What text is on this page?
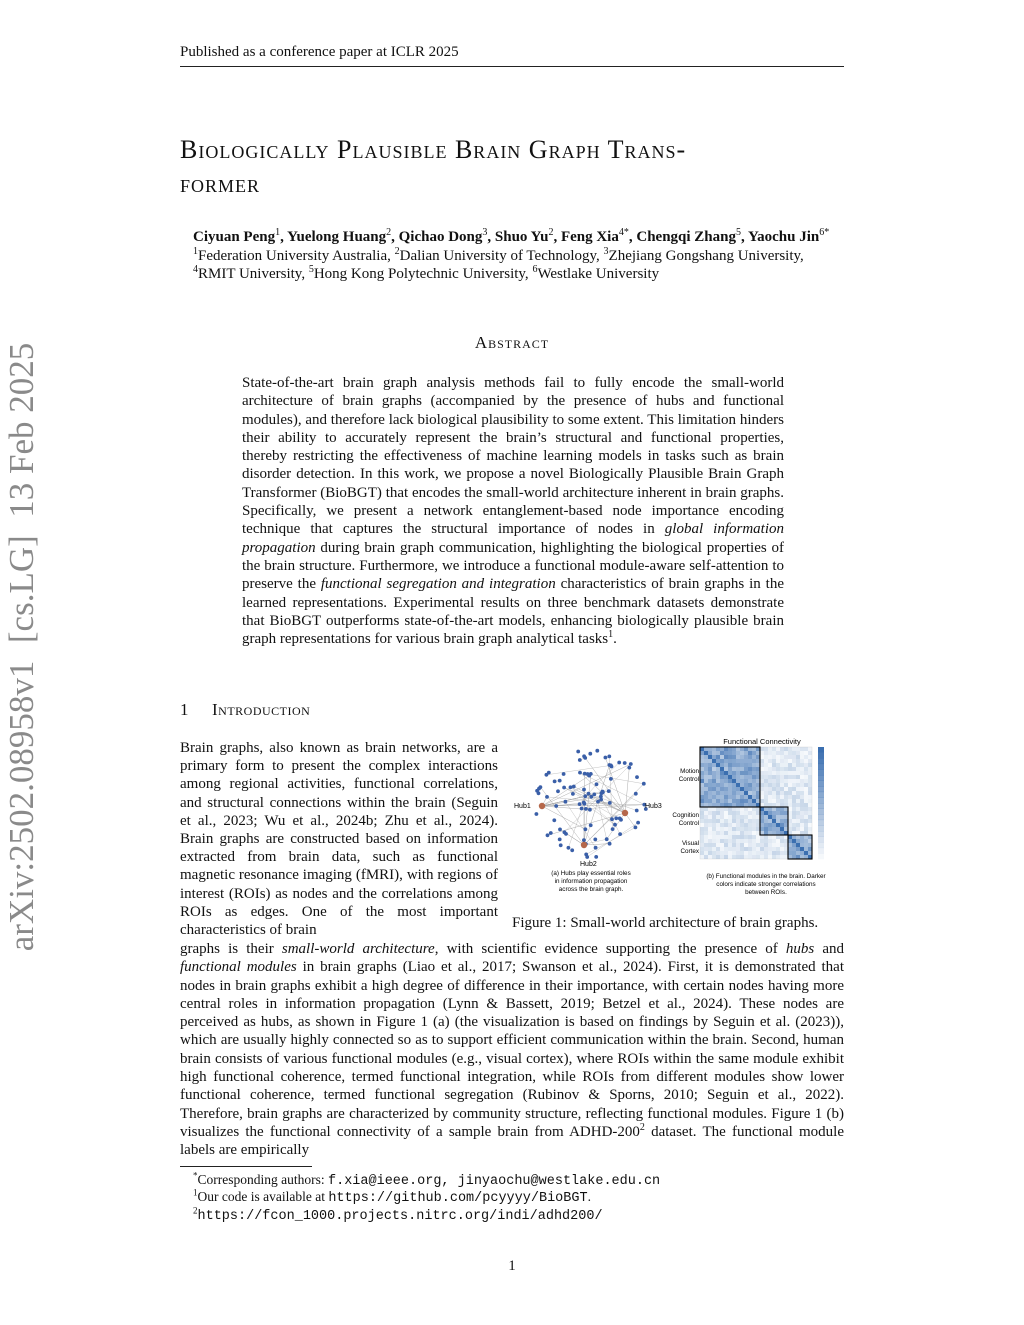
Published as a conference paper at ICLR 2025
Biologically Plausible Brain Graph Trans-
former
Ciyuan Peng$^1$, Yuelong Huang$^2$, Qichao Dong$^3$, Shuo Yu$^2$, Feng Xia$^{4*}$, Chengqi Zhang$^5$, Yaochu Jin$^{6*}$
$^1$Federation University Australia, $^2$Dalian University of Technology, $^3$Zhejiang Gongshang University,
$^4$RMIT University, $^5$Hong Kong Polytechnic University, $^6$Westlake University
Abstract
State-of-the-art brain graph analysis methods fail to fully encode the small-world architecture of brain graphs (accompanied by the presence of hubs and functional modules), and therefore lack biological plausibility to some extent. This limitation hinders their ability to accurately represent the brain’s structural and functional properties, thereby restricting the effectiveness of machine learning models in tasks such as brain disorder detection. In this work, we propose a novel Biologically Plausible Brain Graph Transformer (BioBGT) that encodes the small-world architecture inherent in brain graphs. Specifically, we present a network entanglement-based node importance encoding technique that captures the structural importance of nodes in global information propagation during brain graph communication, highlighting the biological properties of the brain structure. Furthermore, we introduce a functional module-aware self-attention to preserve the functional segregation and integration characteristics of brain graphs in the learned representations. Experimental results on three benchmark datasets demonstrate that BioBGT outperforms state-of-the-art models, enhancing biologically plausible brain graph representations for various brain graph analytical tasks$^1$.
1 Introduction
Brain graphs, also known as brain networks, are a primary form to present the complex interactions among regional activities, functional correlations, and structural connections within the brain (Seguin et al., 2023; Wu et al., 2024b; Zhu et al., 2024). Brain graphs are constructed based on information extracted from brain data, such as functional magnetic resonance imaging (fMRI), with regions of interest (ROIs) as nodes and the correlations among ROIs as edges. One of the most important characteristics of brain
Hub1	Hub3
Hub2
(a) Hubs play essential roles
in information propagation
across the brain graph.
Functional Connectivity
Motion
Control
Cognition
Control
Visual
Cortex
(b) Functional modules in the brain. Darker
colors indicate stronger correlations
between ROIs.
Figure 1: Small-world architecture of brain graphs.
graphs is their small-world architecture, with scientific evidence supporting the presence of hubs and functional modules in brain graphs (Liao et al., 2017; Swanson et al., 2024). First, it is demonstrated that nodes in brain graphs exhibit a high degree of difference in their importance, with certain nodes having more central roles in information propagation (Lynn & Bassett, 2019; Betzel et al., 2024). These nodes are perceived as hubs, as shown in Figure 1 (a) (the visualization is based on findings by Seguin et al. (2023)), which are usually highly connected so as to support efficient communication within the brain. Second, human brain consists of various functional modules (e.g., visual cortex), where ROIs within the same module exhibit high functional coherence, termed functional integration, while ROIs from different modules show lower functional coherence, termed functional segregation (Rubinov & Sporns, 2010; Seguin et al., 2022). Therefore, brain graphs are characterized by community structure, reflecting functional modules. Figure 1 (b) visualizes the functional connectivity of a sample brain from ADHD-$200^2$ dataset. The functional module labels are empirically
*Corresponding authors: f.xia@ieee.org, jinyaochu@westlake.edu.cn
$^1$Our code is available at https://github.com/pcyyyy/BioBGT.
$^2$https://fcon_1000.projects.nitrc.org/indi/adhd200/
1
arXiv:2502.08958v1  [cs.LG]  13 Feb 2025
